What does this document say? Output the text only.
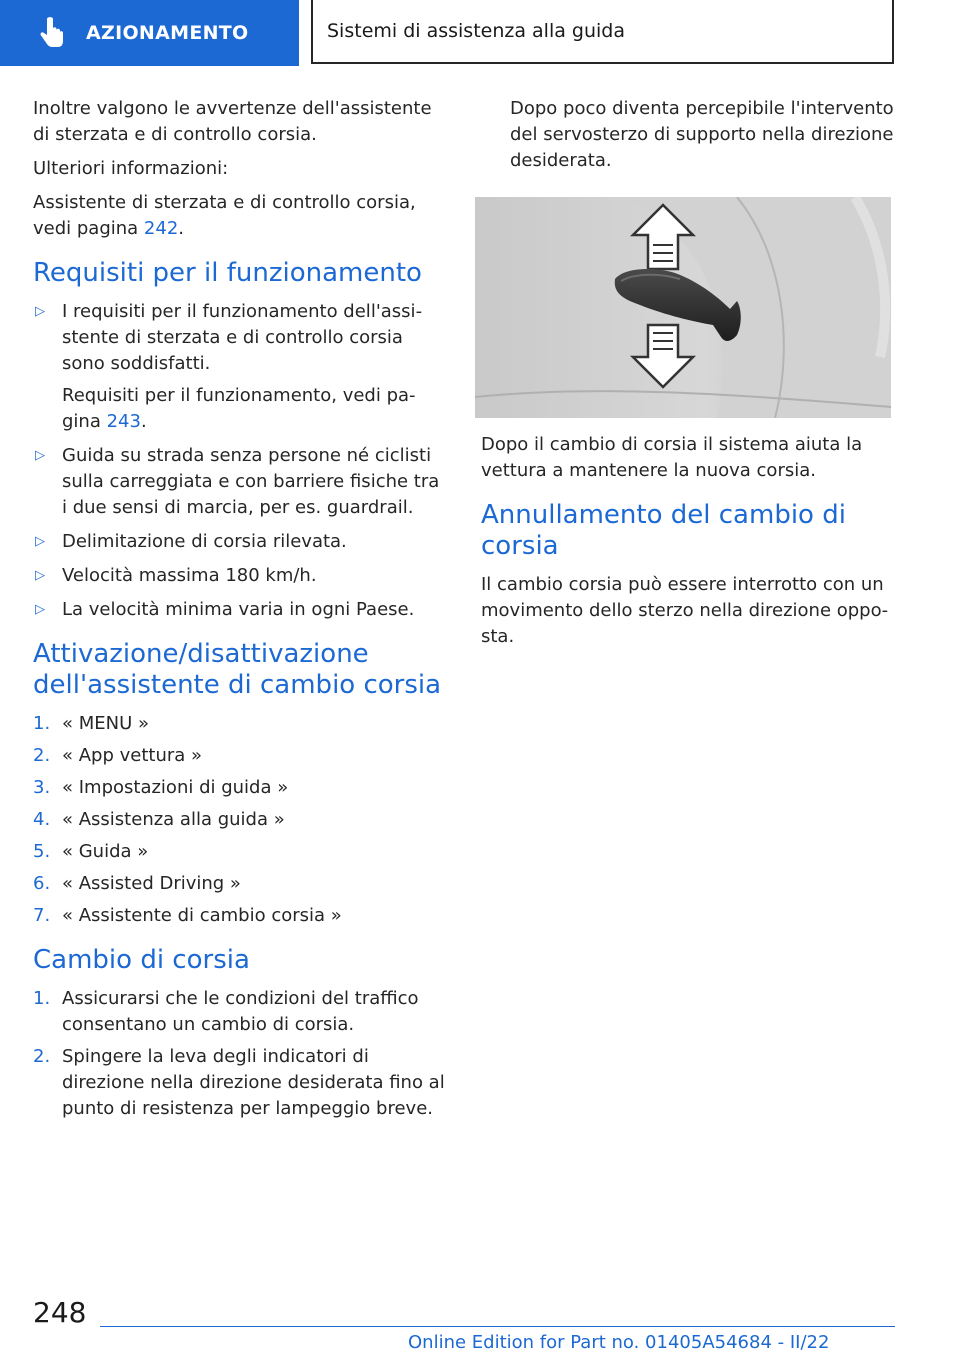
AZIONAMENTO	Sistemi di assistenza alla guida

Inoltre valgono le avvertenze dell'assistente di sterzata e di controllo corsia.

Ulteriori informazioni:

Assistente di sterzata e di controllo corsia, vedi pagina 242.

Requisiti per il funzionamento
▷ I requisiti per il funzionamento dell'assistente di sterzata e di controllo corsia sono soddisfatti.

Requisiti per il funzionamento, vedi pagina 243.

▷ Guida su strada senza persone né ciclisti sulla carreggiata e con barriere fisiche tra i due sensi di marcia, per es. guardrail.
▷ Delimitazione di corsia rilevata.
▷ Velocità massima 180 km/h.
▷ La velocità minima varia in ogni Paese.
Attivazione/disattivazione dell'assistente di cambio corsia
1. « MENU »
2. « App vettura »
3. « Impostazioni di guida »
4. « Assistenza alla guida »
5. « Guida »
6. « Assisted Driving »
7. « Assistente di cambio corsia »
Cambio di corsia
1. Assicurarsi che le condizioni del traffico consentano un cambio di corsia.
2. Spingere la leva degli indicatori di direzione nella direzione desiderata fino al punto di resistenza per lampeggio breve.

Dopo poco diventa percepibile l'intervento del servosterzo di supporto nella direzione desiderata.

Dopo il cambio di corsia il sistema aiuta la vettura a mantenere la nuova corsia.

Annullamento del cambio di corsia

Il cambio corsia può essere interrotto con un movimento dello sterzo nella direzione opposta.

248
Online Edition for Part no. 01405A54684 - II/22
